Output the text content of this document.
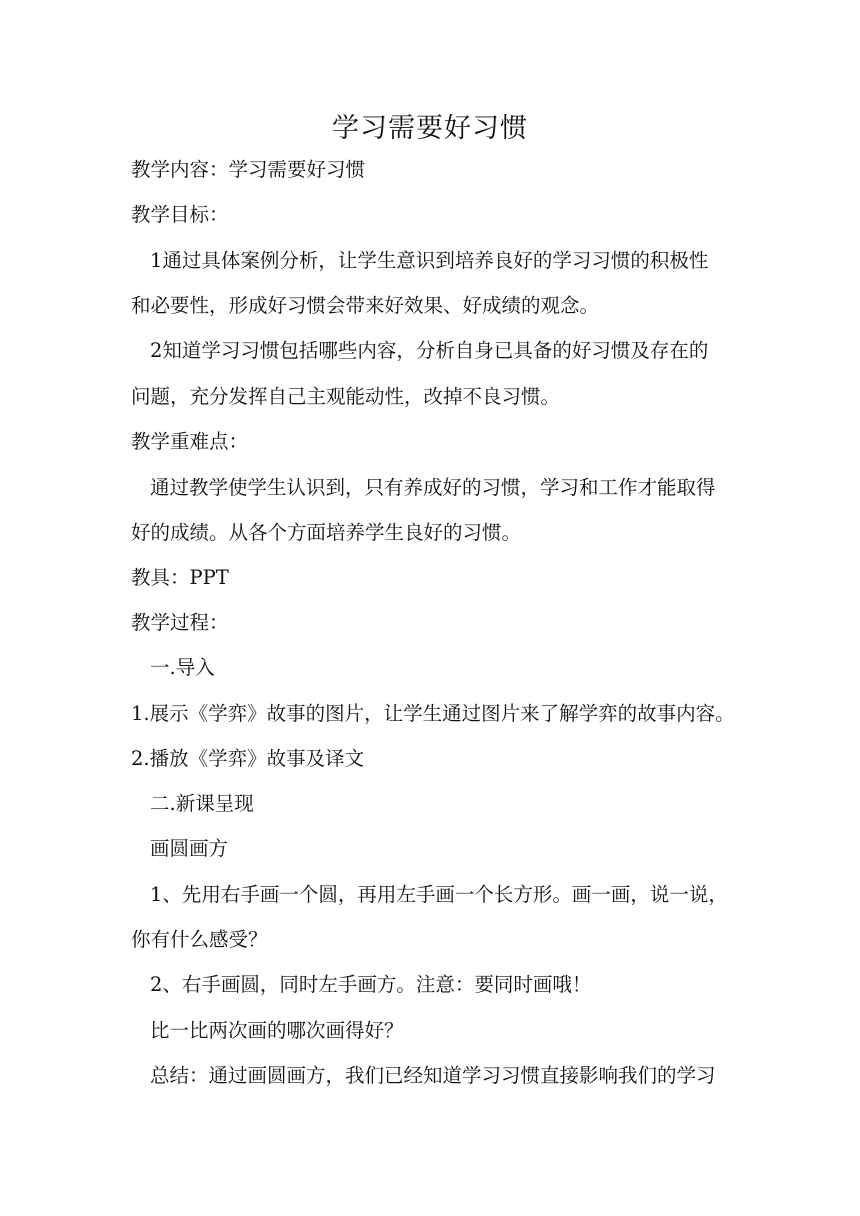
学习需要好习惯
教学内容：学习需要好习惯
教学目标：
1通过具体案例分析，让学生意识到培养良好的学习习惯的积极性
和必要性，形成好习惯会带来好效果、好成绩的观念。
2知道学习习惯包括哪些内容，分析自身已具备的好习惯及存在的
问题，充分发挥自己主观能动性，改掉不良习惯。
教学重难点：
通过教学使学生认识到，只有养成好的习惯，学习和工作才能取得
好的成绩。从各个方面培养学生良好的习惯。
教具：PPT
教学过程：
一.导入
1.展示《学弈》故事的图片，让学生通过图片来了解学弈的故事内容。
2.播放《学弈》故事及译文
二.新课呈现
画圆画方
1、先用右手画一个圆，再用左手画一个长方形。画一画，说一说，
你有什么感受？
2、右手画圆，同时左手画方。注意：要同时画哦！
比一比两次画的哪次画得好？
总结：通过画圆画方，我们已经知道学习习惯直接影响我们的学习
